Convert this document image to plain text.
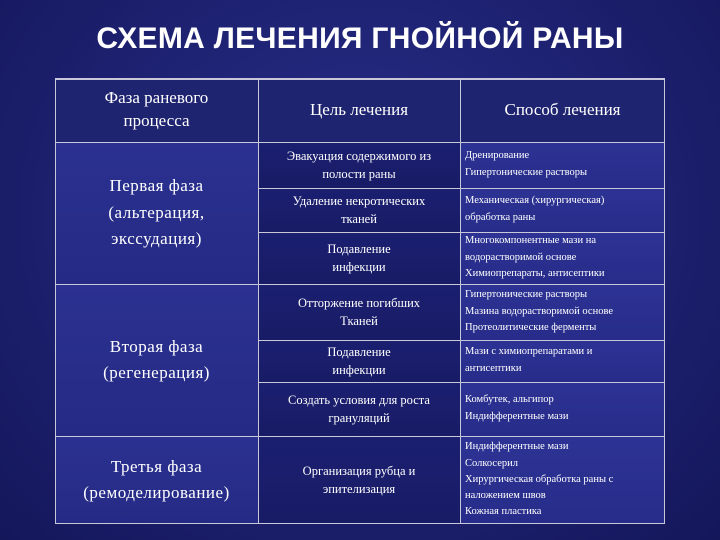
СХЕМА ЛЕЧЕНИЯ ГНОЙНОЙ РАНЫ
Фаза раневого процесса
Цель лечения	Способ лечения
Первая фаза
(альтерация,
экссудация)
Вторая фаза
(регенерация)
Третья фаза
(ремоделирование)
Эвакуация содержимого из
полости раны
Удаление некротических
тканей
Подавление
инфекции
Отторжение погибших
Тканей
Подавление
инфекции
Создать условия для роста
грануляций
Организация рубца и
эпителизация
Дренирование
Гипертонические растворы
Механическая (хирургическая)
обработка раны
Многокомпонентные мази на
водорастворимой основе
Химиопрепараты, антисептики
Гипертонические растворы
Мазина водорастворимой основе
Протеолитические ферменты
Мази с химиопрепаратами и
антисептики
Комбутек, альгипор
Индифферентные мази
Индифферентные мази
Солкосерил
Хирургическая обработка раны с
наложением швов
Кожная пластика
